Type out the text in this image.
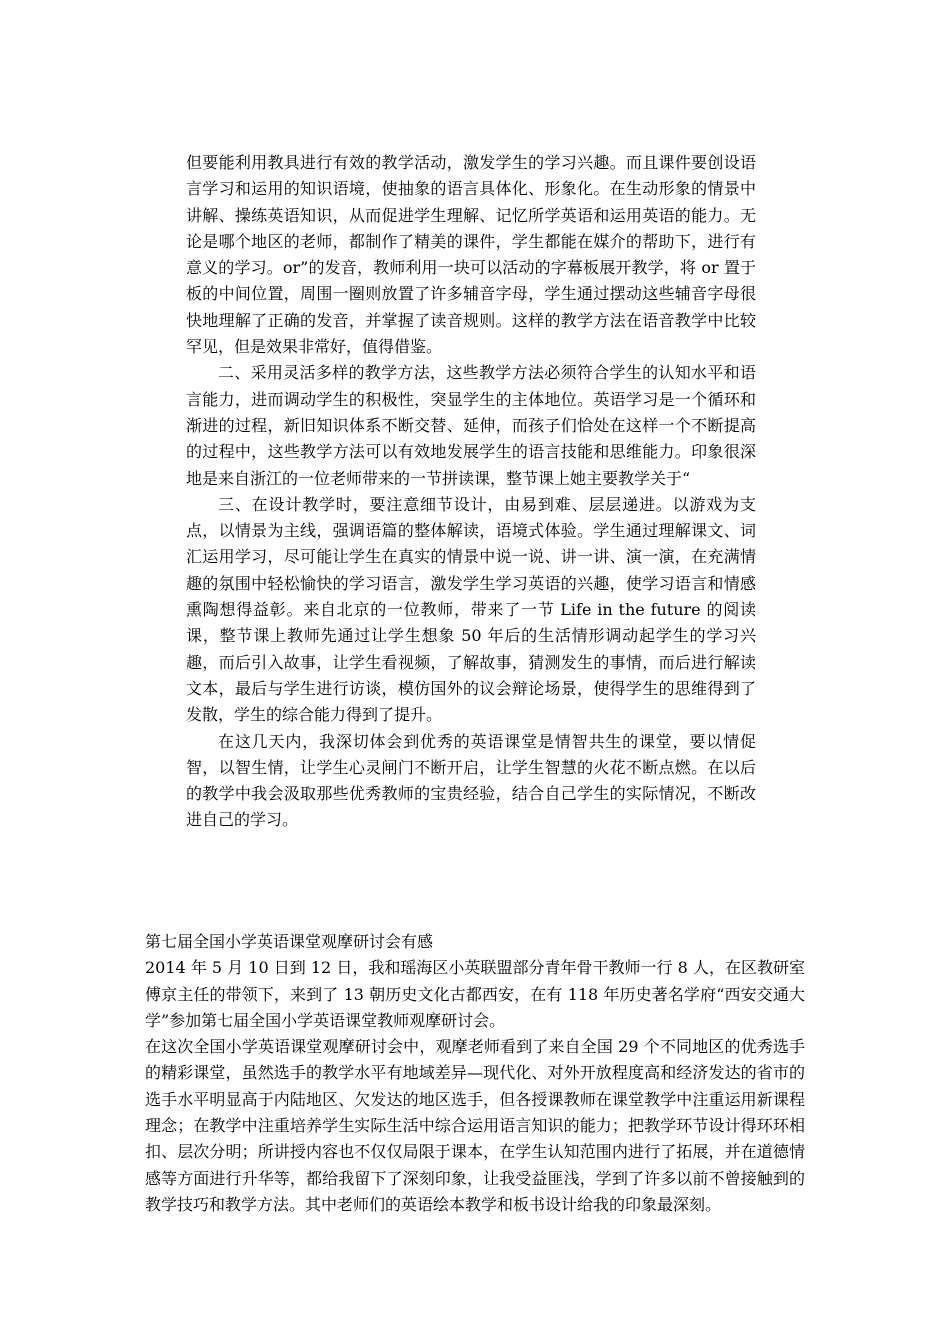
但要能利用教具进行有效的教学活动，激发学生的学习兴趣。而且课件要创设语言学习和运用的知识语境，使抽象的语言具体化、形象化。在生动形象的情景中讲解、操练英语知识，从而促进学生理解、记忆所学英语和运用英语的能力。无论是哪个地区的老师，都制作了精美的课件，学生都能在媒介的帮助下，进行有意义的学习。or”的发音，教师利用一块可以活动的字幕板展开教学，将 or 置于板的中间位置，周围一圈则放置了许多辅音字母，学生通过摆动这些辅音字母很快地理解了正确的发音，并掌握了读音规则。这样的教学方法在语音教学中比较罕见，但是效果非常好，值得借鉴。

二、采用灵活多样的教学方法，这些教学方法必须符合学生的认知水平和语言能力，进而调动学生的积极性，突显学生的主体地位。英语学习是一个循环和渐进的过程，新旧知识体系不断交替、延伸，而孩子们恰处在这样一个不断提高的过程中，这些教学方法可以有效地发展学生的语言技能和思维能力。印象很深地是来自浙江的一位老师带来的一节拼读课，整节课上她主要教学关于“

三、在设计教学时，要注意细节设计，由易到难、层层递进。以游戏为支点，以情景为主线，强调语篇的整体解读，语境式体验。学生通过理解课文、词汇运用学习，尽可能让学生在真实的情景中说一说、讲一讲、演一演，在充满情趣的氛围中轻松愉快的学习语言，激发学生学习英语的兴趣，使学习语言和情感熏陶想得益彰。来自北京的一位教师，带来了一节 Life in the future 的阅读课，整节课上教师先通过让学生想象 50 年后的生活情形调动起学生的学习兴趣，而后引入故事，让学生看视频，了解故事，猜测发生的事情，而后进行解读文本，最后与学生进行访谈，模仿国外的议会辩论场景，使得学生的思维得到了发散，学生的综合能力得到了提升。

在这几天内，我深切体会到优秀的英语课堂是情智共生的课堂，要以情促智，以智生情，让学生心灵闸门不断开启，让学生智慧的火花不断点燃。在以后的教学中我会汲取那些优秀教师的宝贵经验，结合自己学生的实际情况，不断改进自己的学习。

第七届全国小学英语课堂观摩研讨会有感

2014 年 5 月 10 日到 12 日，我和瑶海区小英联盟部分青年骨干教师一行 8 人，在区教研室傅京主任的带领下，来到了 13 朝历史文化古都西安，在有 118 年历史著名学府“西安交通大学”参加第七届全国小学英语课堂教师观摩研讨会。

在这次全国小学英语课堂观摩研讨会中，观摩老师看到了来自全国 29 个不同地区的优秀选手的精彩课堂，虽然选手的教学水平有地域差异—现代化、对外开放程度高和经济发达的省市的选手水平明显高于内陆地区、欠发达的地区选手，但各授课教师在课堂教学中注重运用新课程理念；在教学中注重培养学生实际生活中综合运用语言知识的能力；把教学环节设计得环环相扣、层次分明；所讲授内容也不仅仅局限于课本，在学生认知范围内进行了拓展，并在道德情感等方面进行升华等，都给我留下了深刻印象，让我受益匪浅，学到了许多以前不曾接触到的教学技巧和教学方法。其中老师们的英语绘本教学和板书设计给我的印象最深刻。
